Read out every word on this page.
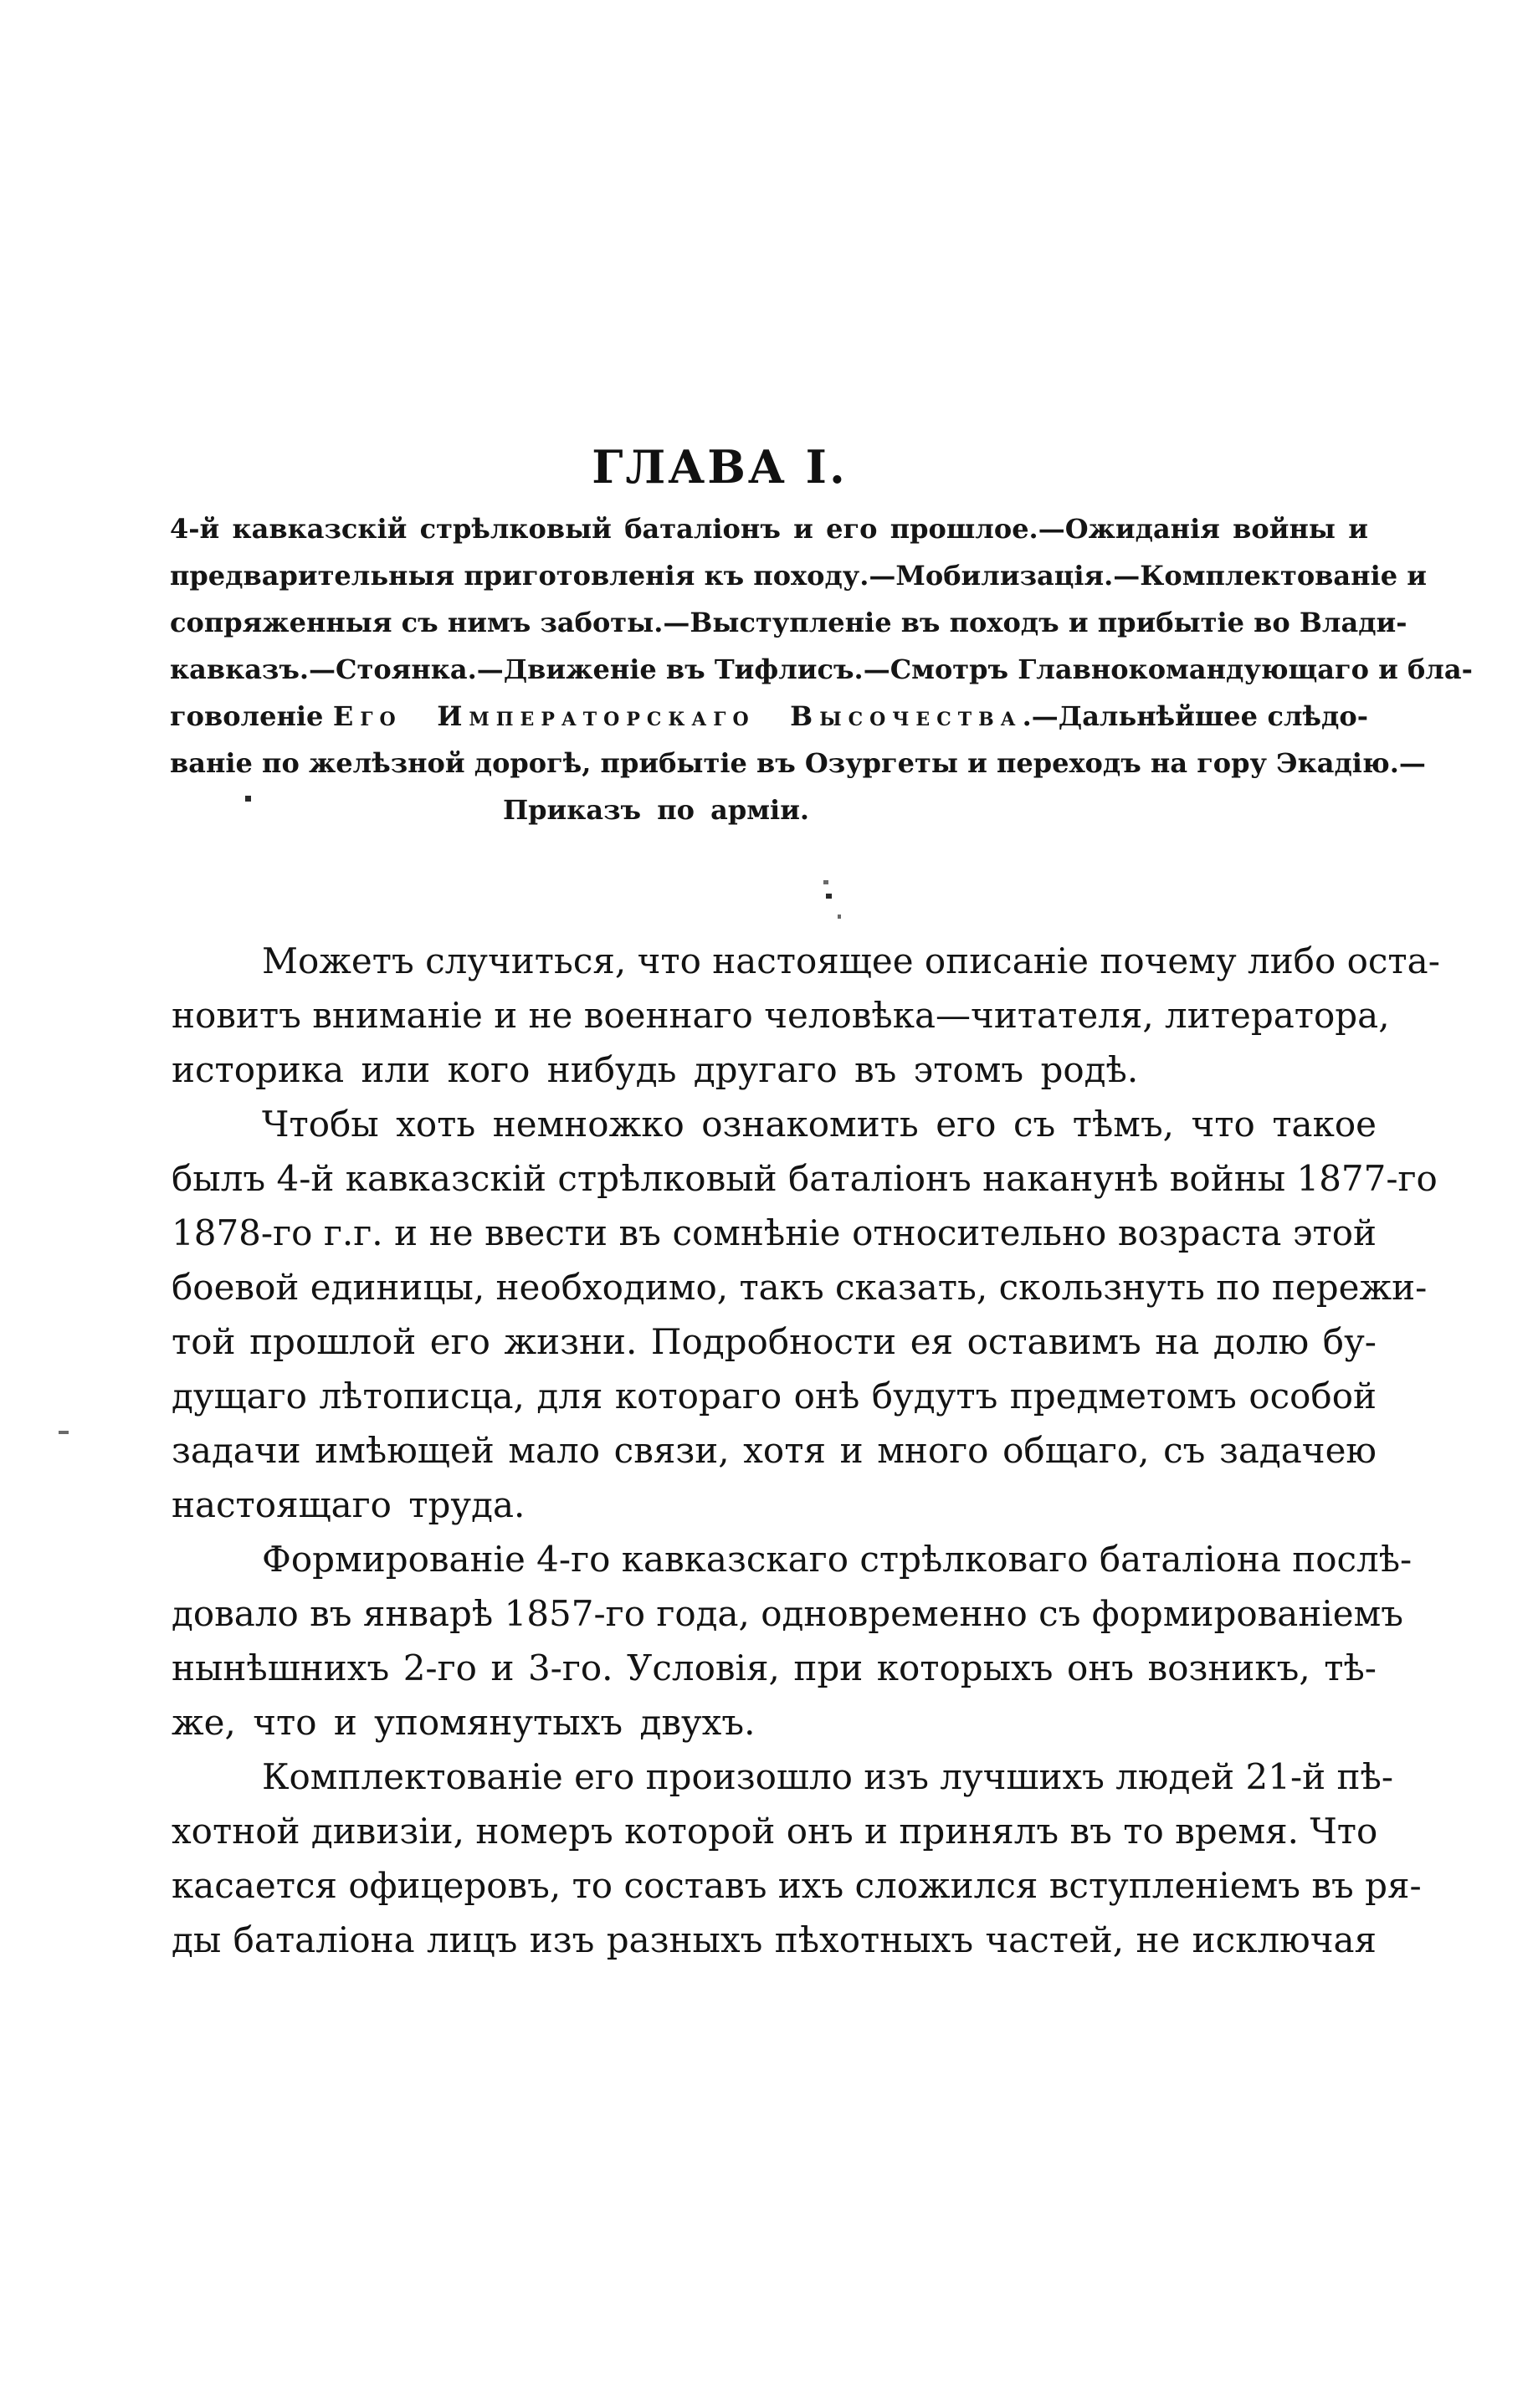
ГЛАВА I.
4-й кавказскій стрѣлковый баталіонъ и его прошлое.—Ожиданія войны и
предварительныя приготовленія къ походу.—Мобилизація.—Комплектованіе и
сопряженныя съ нимъ заботы.—Выступленіе въ походъ и прибытіе во Влади-
кавказъ.—Стоянка.—Движеніе въ Тифлисъ.—Смотръ Главнокомандующаго и бла-
говоленіе Его Императорскаго Высочества.—Дальнѣйшее слѣдо-
ваніе по желѣзной дорогѣ, прибытіе въ Озургеты и переходъ на гору Экадію.—
Приказъ по арміи.
Можетъ случиться, что настоящее описаніе почему либо оста-
новитъ вниманіе и не военнаго человѣка—читателя, литератора,
историка или кого нибудь другаго въ этомъ родѣ.
Чтобы хоть немножко ознакомить его съ тѣмъ, что такое
былъ 4-й кавказскій стрѣлковый баталіонъ наканунѣ войны 1877-го
1878-го г.г. и не ввести въ сомнѣніе относительно возраста этой
боевой единицы, необходимо, такъ сказать, скользнуть по пережи-
той прошлой его жизни. Подробности ея оставимъ на долю бу-
дущаго лѣтописца, для котораго онѣ будутъ предметомъ особой
задачи имѣющей мало связи, хотя и много общаго, съ задачею
настоящаго труда.
Формированіе 4-го кавказскаго стрѣлковаго баталіона послѣ-
довало въ январѣ 1857-го года, одновременно съ формированіемъ
нынѣшнихъ 2-го и 3-го. Условія, при которыхъ онъ возникъ, тѣ-
же, что и упомянутыхъ двухъ.
Комплектованіе его произошло изъ лучшихъ людей 21-й пѣ-
хотной дивизіи, номеръ которой онъ и принялъ въ то время. Что
касается офицеровъ, то составъ ихъ сложился вступленіемъ въ ря-
ды баталіона лицъ изъ разныхъ пѣхотныхъ частей, не исключая
